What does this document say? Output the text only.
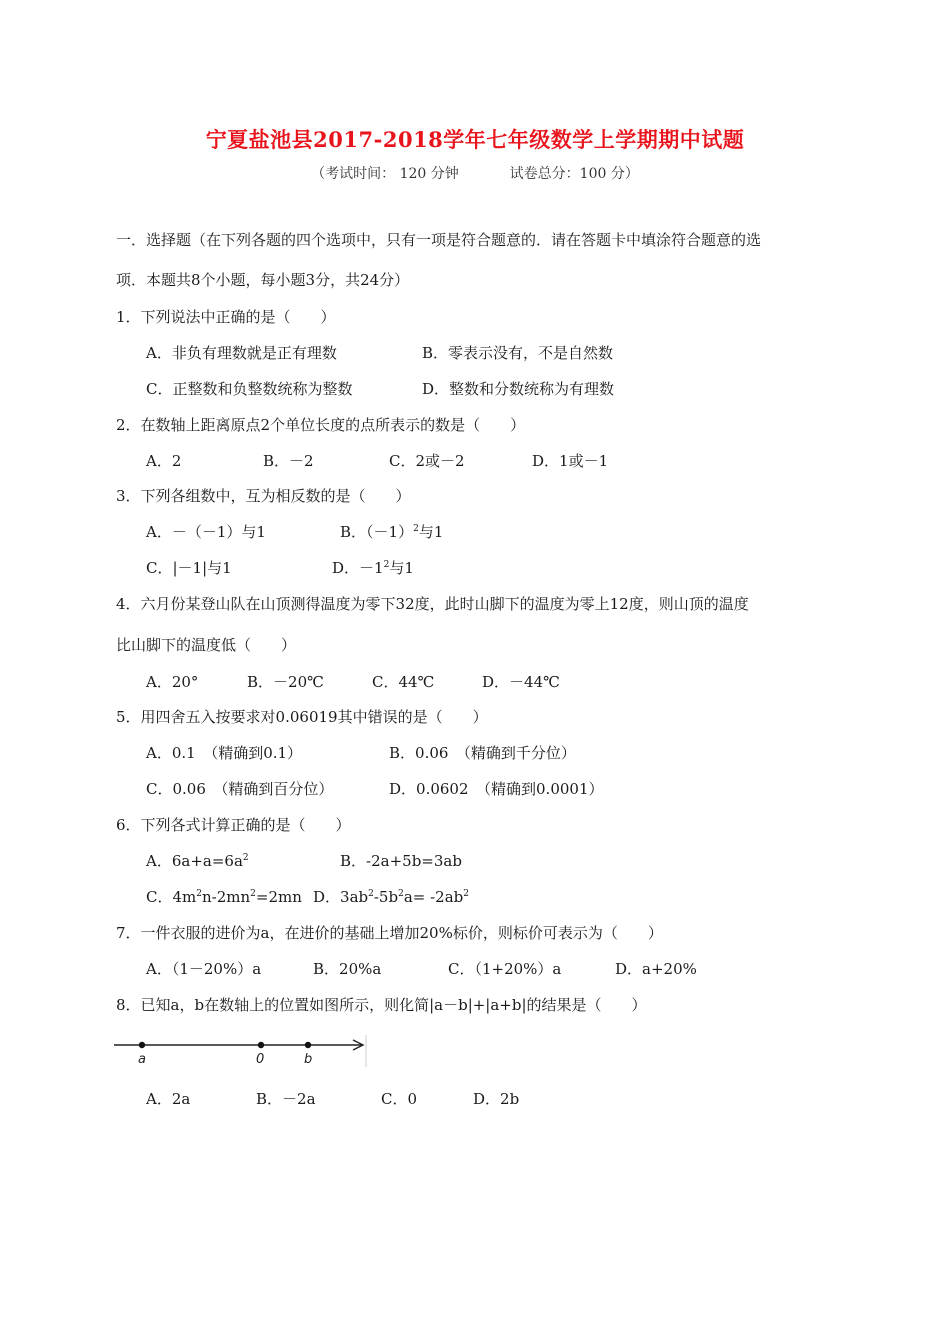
宁夏盐池县2017-2018学年七年级数学上学期期中试题
（考试时间： 120 分钟	试卷总分：100 分）
一．选择题（在下列各题的四个选项中，只有一项是符合题意的．请在答题卡中填涂符合题意的选
项．本题共8个小题，每小题3分，共24分）
1．下列说法中正确的是（　　）
A．非负有理数就是正有理数	B．零表示没有，不是自然数
C．正整数和负整数统称为整数	D．整数和分数统称为有理数
2．在数轴上距离原点2个单位长度的点所表示的数是（　　）
A．2	B．－2	C．2或－2	D．1或－1
3．下列各组数中，互为相反数的是（　　）
A．－（－1）与1	B．$(-1)^2$与1
C．|－1|与1	D．$-1^2$与1
4．六月份某登山队在山顶测得温度为零下32度，此时山脚下的温度为零上12度，则山顶的温度
比山脚下的温度低（　　）
A．20°	B．－20℃	C．44℃	D．－44℃
5．用四舍五入按要求对0.06019其中错误的是（　　）
A．0.1　（精确到0.1）	B．0.06　（精确到千分位）
C．0.06　（精确到百分位）	D．0.0602　（精确到0.0001）
6．下列各式计算正确的是（　　）
A．$6a+a=6a^2$	B．-2a+5b=3ab
C．$4m^2n-2mn^2=2mn$ D．$3ab^2-5b^2a= -2ab^2$
7．一件衣服的进价为a，在进价的基础上增加20%标价，则标价可表示为（　　）
A．（1－20%）a	B．20%a	C．（1+20%）a	D．a+20%
8．已知a，b在数轴上的位置如图所示，则化简|a－b|+|a+b|的结果是（　　）
a	0	b
A．2a	B．－2a	C．0	D．2b
